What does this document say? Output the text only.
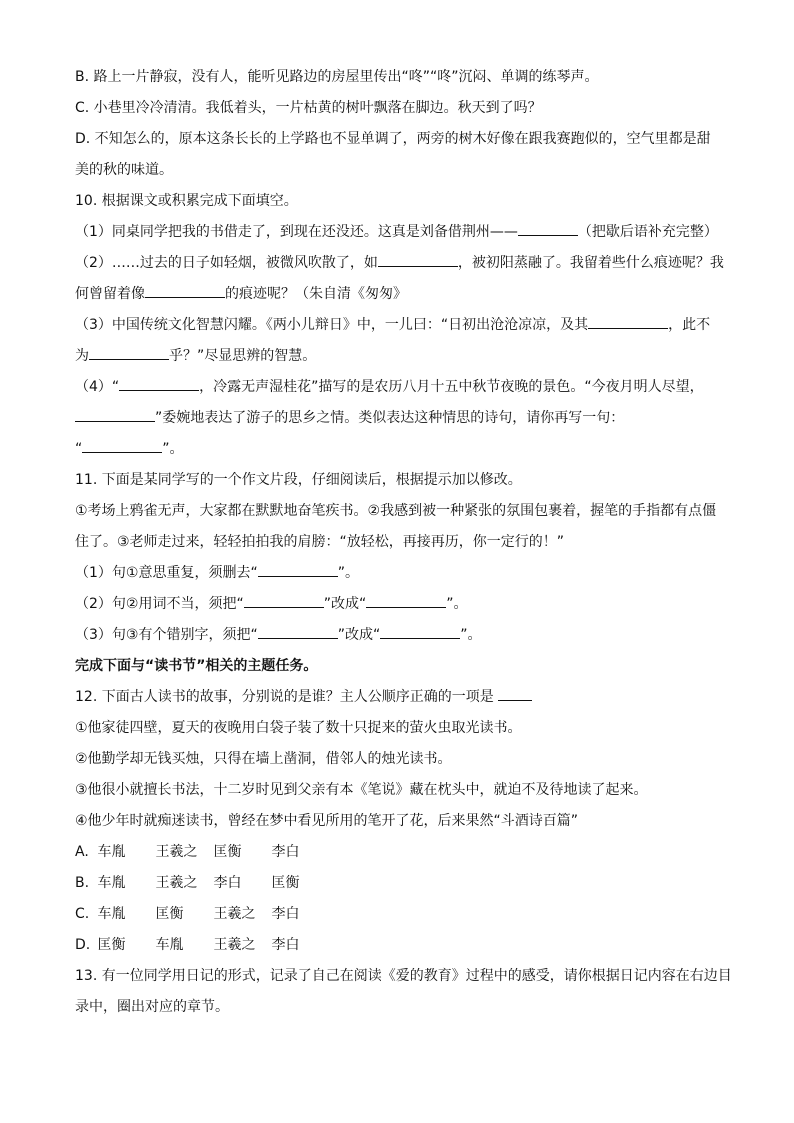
B. 路上一片静寂，没有人，能听见路边的房屋里传出“咚”“咚”沉闷、单调的练琴声。
C. 小巷里冷冷清清。我低着头，一片枯黄的树叶飘落在脚边。秋天到了吗？
D. 不知怎么的，原本这条长长的上学路也不显单调了，两旁的树木好像在跟我赛跑似的，空气里都是甜
美的秋的味道。
10. 根据课文或积累完成下面填空。
（1）同桌同学把我的书借走了，到现在还没还。这真是刘备借荆州——	（把歇后语补充完整）
（2）……过去的日子如轻烟，被微风吹散了，如	，被初阳蒸融了。我留着些什么痕迹呢？我
何曾留着像	的痕迹呢？（朱自清《匆匆》
（3）中国传统文化智慧闪耀。《两小儿辩日》中，一儿曰：“日初出沧沧凉凉，及其	，此不
为	乎？”尽显思辨的智慧。
（4）“	，冷露无声湿桂花”描写的是农历八月十五中秋节夜晚的景色。“今夜月明人尽望，
”委婉地表达了游子的思乡之情。类似表达这种情思的诗句，请你再写一句：
“	”。
11. 下面是某同学写的一个作文片段，仔细阅读后，根据提示加以修改。
①考场上鸦雀无声，大家都在默默地奋笔疾书。②我感到被一种紧张的氛围包裹着，握笔的手指都有点僵
住了。③老师走过来，轻轻拍拍我的肩膀：“放轻松，再接再历，你一定行的！”
（1）句①意思重复，须删去“	”。
（2）句②用词不当，须把“	”改成“	”。
（3）句③有个错别字，须把“	”改成“	”。
完成下面与“读书节”相关的主题任务。
12. 下面古人读书的故事，分别说的是谁？主人公顺序正确的一项是
①他家徒四壁，夏天的夜晚用白袋子装了数十只捉来的萤火虫取光读书。
②他勤学却无钱买烛，只得在墙上凿洞，借邻人的烛光读书。
③他很小就擅长书法，十二岁时见到父亲有本《笔说》藏在枕头中，就迫不及待地读了起来。
④他少年时就痴迷读书，曾经在梦中看见所用的笔开了花，后来果然“斗酒诗百篇”
A. 车胤 王羲之 匡衡 李白
B. 车胤 王羲之 李白 匡衡
C. 车胤 匡衡 王羲之 李白
D. 匡衡 车胤 王羲之 李白
13. 有一位同学用日记的形式，记录了自己在阅读《爱的教育》过程中的感受，请你根据日记内容在右边目
录中，圈出对应的章节。
